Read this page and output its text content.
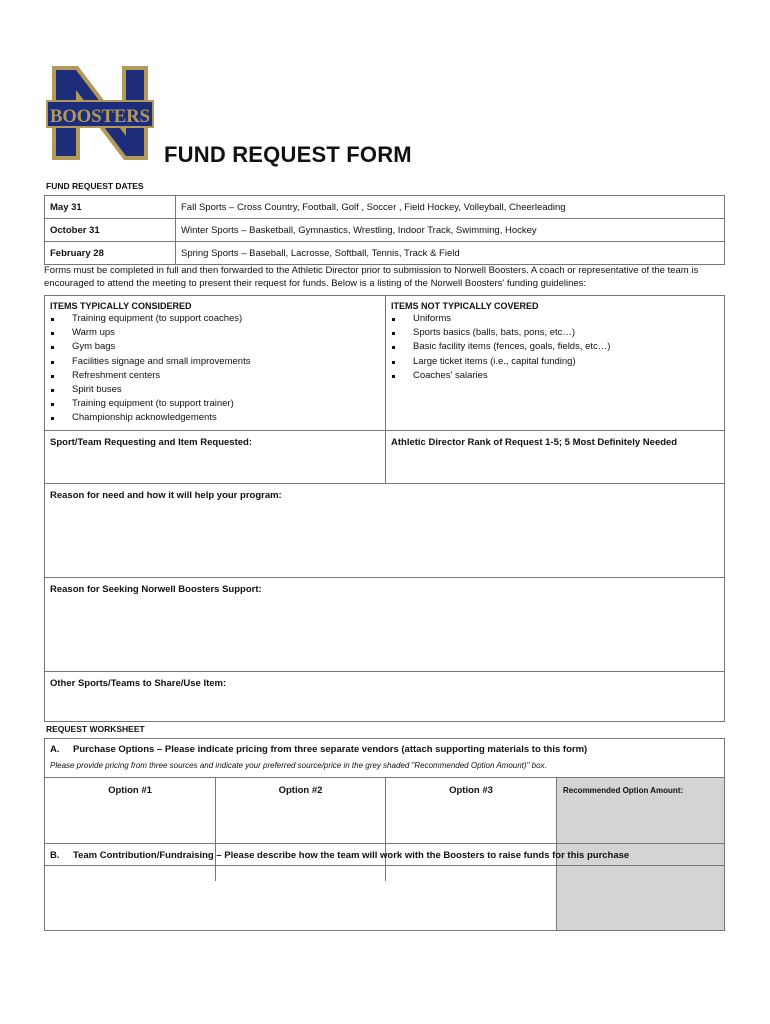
BOOSTERS
FUND REQUEST FORM
FUND REQUEST DATES
May 31	Fall Sports – Cross Country, Football, Golf , Soccer , Field Hockey, Volleyball, Cheerleading
October 31	Winter Sports – Basketball, Gymnastics, Wrestling, Indoor Track, Swimming, Hockey
February 28	Spring Sports – Baseball, Lacrosse, Softball, Tennis, Track & Field
Forms must be completed in full and then forwarded to the Athletic Director prior to submission to Norwell Boosters. A coach or representative of the team is encouraged to attend the meeting to present their request for funds. Below is a listing of the Norwell Boosters' funding guidelines:
ITEMS TYPICALLY CONSIDERED
Training equipment (to support coaches)
Warm ups
Gym bags
Facilities signage and small improvements
Refreshment centers
Spirit buses
Training equipment (to support trainer)
Championship acknowledgements
ITEMS NOT TYPICALLY COVERED
Uniforms
Sports basics (balls, bats, pons, etc…)
Basic facility items (fences, goals, fields, etc…)
Large ticket items (i.e., capital funding)
Coaches' salaries
Sport/Team Requesting and Item Requested:	Athletic Director Rank of Request 1-5; 5 Most Definitely Needed
Reason for need and how it will help your program:
Reason for Seeking Norwell Boosters Support:
Other Sports/Teams to Share/Use Item:
REQUEST WORKSHEET
A. Purchase Options – Please indicate pricing from three separate vendors (attach supporting materials to this form)
Please provide pricing from three sources and indicate your preferred source/price in the grey shaded "Recommended Option Amount)" box.
Option #1	Option #2	Option #3	Recommended Option Amount:
B. Team Contribution/Fundraising – Please describe how the team will work with the Boosters to raise funds for this purchase
